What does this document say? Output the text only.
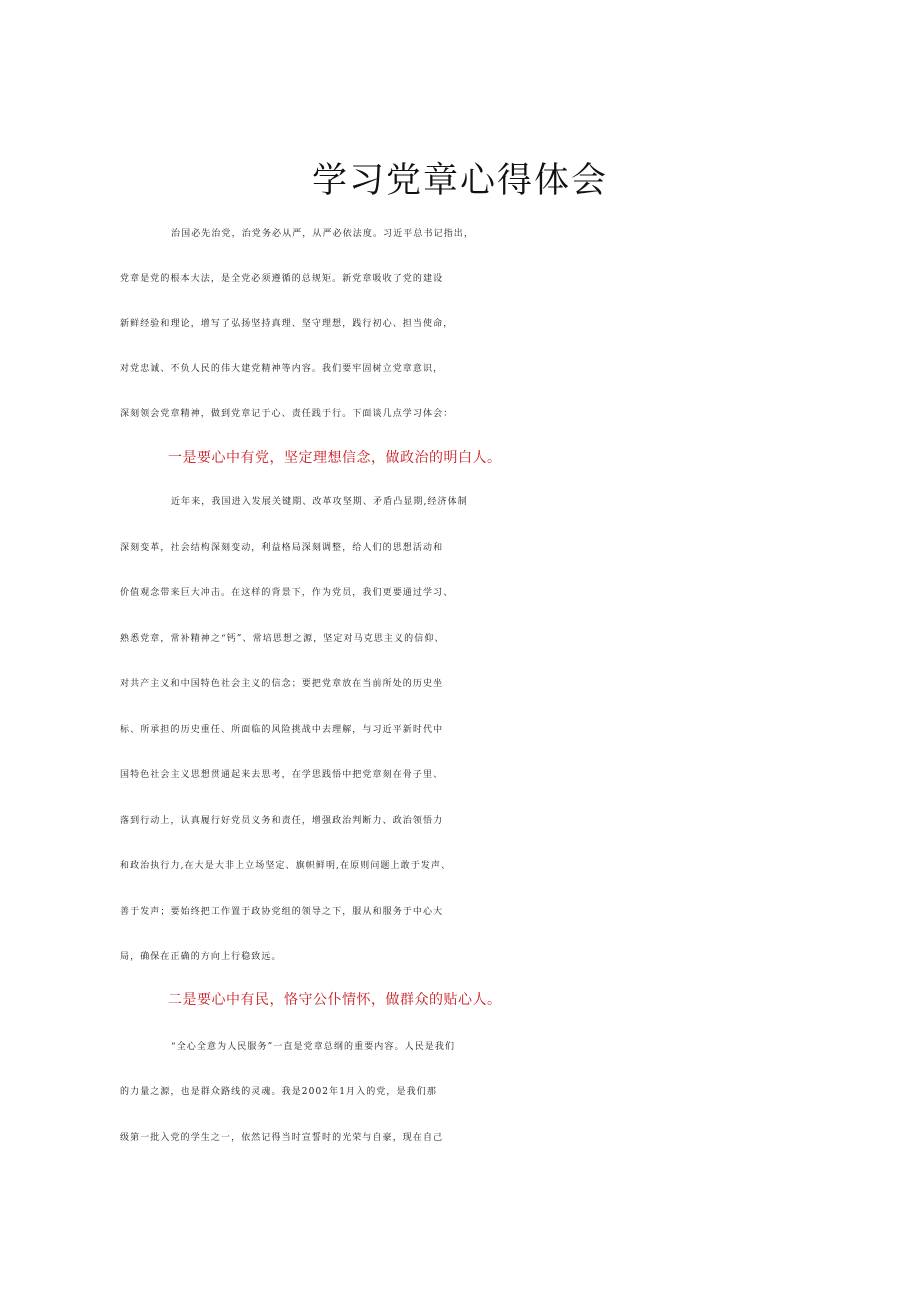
学习党章心得体会
治国必先治党，治党务必从严，从严必依法度。习近平总书记指出，
党章是党的根本大法，是全党必须遵循的总规矩。新党章吸收了党的建设
新鲜经验和理论，增写了弘扬坚持真理、坚守理想，践行初心、担当使命，
对党忠诚、不负人民的伟大建党精神等内容。我们要牢固树立党章意识，
深刻领会党章精神，做到党章记于心、责任践于行。下面谈几点学习体会：
一是要心中有党，坚定理想信念，做政治的明白人。
近年来，我国进入发展关键期、改革攻坚期、矛盾凸显期,经济体制
深刻变革，社会结构深刻变动，利益格局深刻调整，给人们的思想活动和
价值观念带来巨大冲击。在这样的背景下，作为党员，我们更要通过学习、
熟悉党章，常补精神之“钙”、常培思想之源，坚定对马克思主义的信仰、
对共产主义和中国特色社会主义的信念；要把党章放在当前所处的历史坐
标、所承担的历史重任、所面临的风险挑战中去理解，与习近平新时代中
国特色社会主义思想贯通起来去思考，在学思践悟中把党章刻在骨子里、
落到行动上，认真履行好党员义务和责任，增强政治判断力、政治领悟力
和政治执行力,在大是大非上立场坚定、旗帜鲜明,在原则问题上敢于发声、
善于发声；要始终把工作置于政协党组的领导之下，服从和服务于中心大
局，确保在正确的方向上行稳致远。
二是要心中有民，恪守公仆情怀，做群众的贴心人。
“全心全意为人民服务”一直是党章总纲的重要内容。人民是我们
的力量之源，也是群众路线的灵魂。我是2002年1月入的党，是我们那
级第一批入党的学生之一，依然记得当时宣誓时的光荣与自豪，现在自己
